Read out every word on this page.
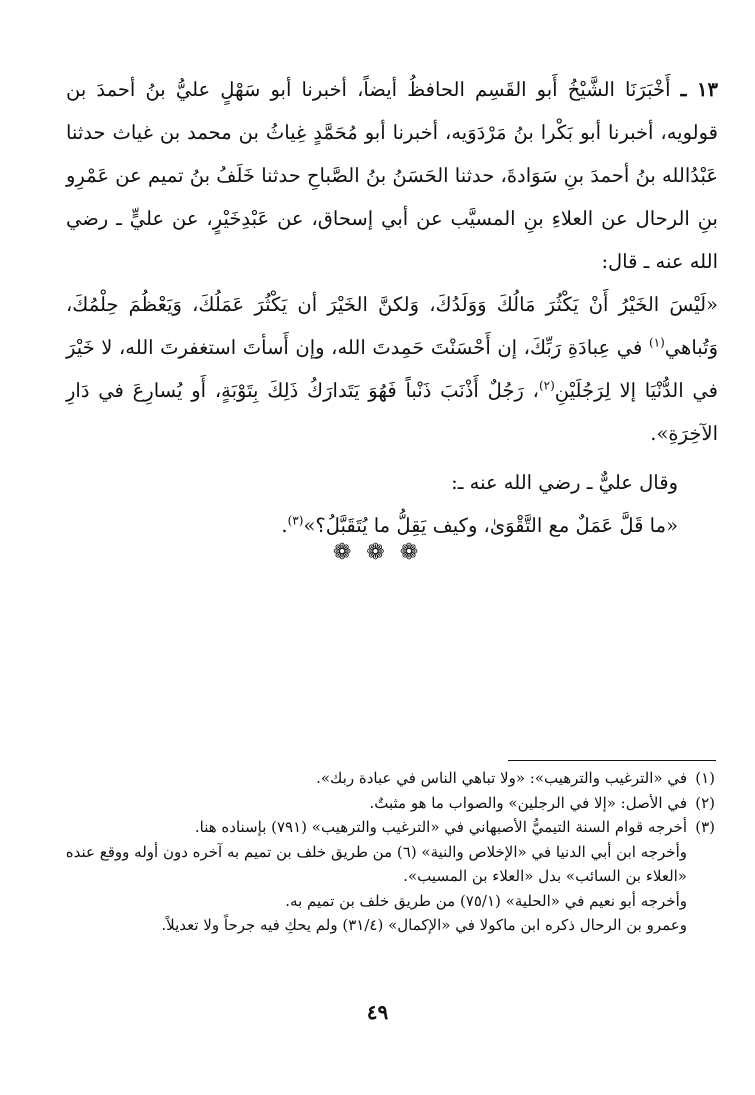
١٣ ـ أَخْبَرَنَا الشَّيْخُ أَبو القَسِم الحافظُ أيضاً، أخبرنا أبو سَهْلٍ عليُّ بنُ أحمدَ بن قولويه، أخبرنا أبو بَكْرا بنُ مَرْدَوَيه، أخبرنا أبو مُحَمَّدٍ غِياثُ بن محمد بن غياث حدثنا عَبْدُالله بنُ أحمدَ بنِ سَوَادةَ، حدثنا الحَسَنُ بنُ الصَّباحِ حدثنا خَلَفُ بنُ تميم عن عَمْرِو بنِ الرحال عن العلاءِ بنِ المسيَّب عن أبي إسحاق، عن عَبْدِخَيْرٍ، عن عليٍّ ـ رضي الله عنه ـ قال:

«لَيْسَ الخَيْرُ أَنْ يَكْثُرَ مَالُكَ وَوَلَدُكَ، وَلكنَّ الخَيْرَ أن يَكْثُرَ عَمَلُكَ، وَيَعْظُمَ حِلْمُكَ، وَتُباهي$^{(١)}$ في عِبادَةِ رَبِّكَ، إن أَحْسَنْتَ حَمِدتَ الله، وإن أَسأتَ استغفرتَ الله، لا خَيْرَ في الدُّنْيَا إلا لِرَجُلَيْنِ$^{(٢)}$، رَجُلٌ أَذْنَبَ ذَنْباً فَهُوَ يَتَدارَكُ ذَلِكَ بِتَوْبَةٍ، أَو يُسارِعَ في دَارِ الآخِرَةِ».

وقال عليٌّ ـ رضي الله عنه ـ:

«ما قَلَّ عَمَلٌ مع التَّقْوَىٰ، وكيف يَقِلُّ ما يُتَقَبَّلُ؟»$^{(٣)}$.

❁ ❁ ❁
(١)
في «الترغيب والترهيب»: «ولا تباهي الناس في عبادة ربك».
(٢)
في الأصل: «إلا في الرجلين» والصواب ما هو مثبتٌ.
(٣)
أخرجه قوام السنة التيميُّ الأصبهاني في «الترغيب والترهيب» (٧٩١) بإسناده هنا.
وأخرجه ابن أبي الدنيا في «الإخلاص والنية» (٦) من طريق خلف بن تميم به آخره دون أوله ووقع عنده «العلاء بن السائب» بدل «العلاء بن المسيب».
وأخرجه أبو نعيم في «الحلية» (٧٥/١) من طريق خلف بن تميم به.
وعمرو بن الرحال ذكره ابن ماكولا في «الإكمال» (٣١/٤) ولم يحكِ فيه جرحاً ولا تعديلاً.
٤٩
